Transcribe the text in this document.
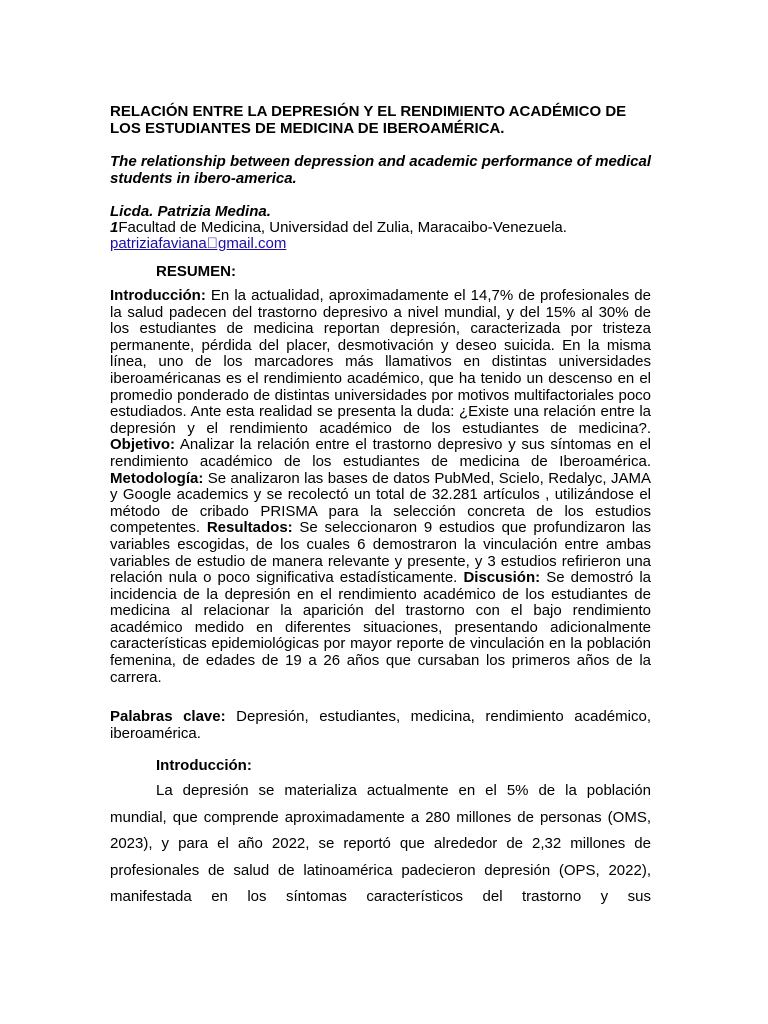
RELACIÓN ENTRE LA DEPRESIÓN Y EL RENDIMIENTO ACADÉMICO DE LOS ESTUDIANTES DE MEDICINA DE IBEROAMÉRICA.

The relationship between depression and academic performance of medical students in ibero-america.

Licda. Patrizia Medina.
1Facultad de Medicina, Universidad del Zulia, Maracaibo-Venezuela.
patriziafaviana gmail.com

RESUMEN:

Introducción: En la actualidad, aproximadamente el 14,7% de profesionales de la salud padecen del trastorno depresivo a nivel mundial, y del 15% al 30% de los estudiantes de medicina reportan depresión, caracterizada por tristeza permanente, pérdida del placer, desmotivación y deseo suicida. En la misma línea, uno de los marcadores más llamativos en distintas universidades iberoaméricanas es el rendimiento académico, que ha tenido un descenso en el promedio ponderado de distintas universidades por motivos multifactoriales poco estudiados. Ante esta realidad se presenta la duda: ¿Existe una relación entre la depresión y el rendimiento académico de los estudiantes de medicina?. Objetivo: Analizar la relación entre el trastorno depresivo y sus síntomas en el rendimiento académico de los estudiantes de medicina de Iberoamérica. Metodología: Se analizaron las bases de datos PubMed, Scielo, Redalyc, JAMA y Google academics y se recolectó un total de 32.281 artículos , utilizándose el método de cribado PRISMA para la selección concreta de los estudios competentes. Resultados: Se seleccionaron 9 estudios que profundizaron las variables escogidas, de los cuales 6 demostraron la vinculación entre ambas variables de estudio de manera relevante y presente, y 3 estudios refirieron una relación nula o poco significativa estadísticamente. Discusión: Se demostró la incidencia de la depresión en el rendimiento académico de los estudiantes de medicina al relacionar la aparición del trastorno con el bajo rendimiento académico medido en diferentes situaciones, presentando adicionalmente características epidemiológicas por mayor reporte de vinculación en la población femenina, de edades de 19 a 26 años que cursaban los primeros años de la carrera.

Palabras clave: Depresión, estudiantes, medicina, rendimiento académico, iberoamérica.

Introducción:

La depresión se materializa actualmente en el 5% de la población mundial, que comprende aproximadamente a 280 millones de personas (OMS, 2023), y para el año 2022, se reportó que alrededor de 2,32 millones de profesionales de salud de latinoamérica padecieron depresión (OPS, 2022), manifestada en los síntomas característicos del trastorno y sus
